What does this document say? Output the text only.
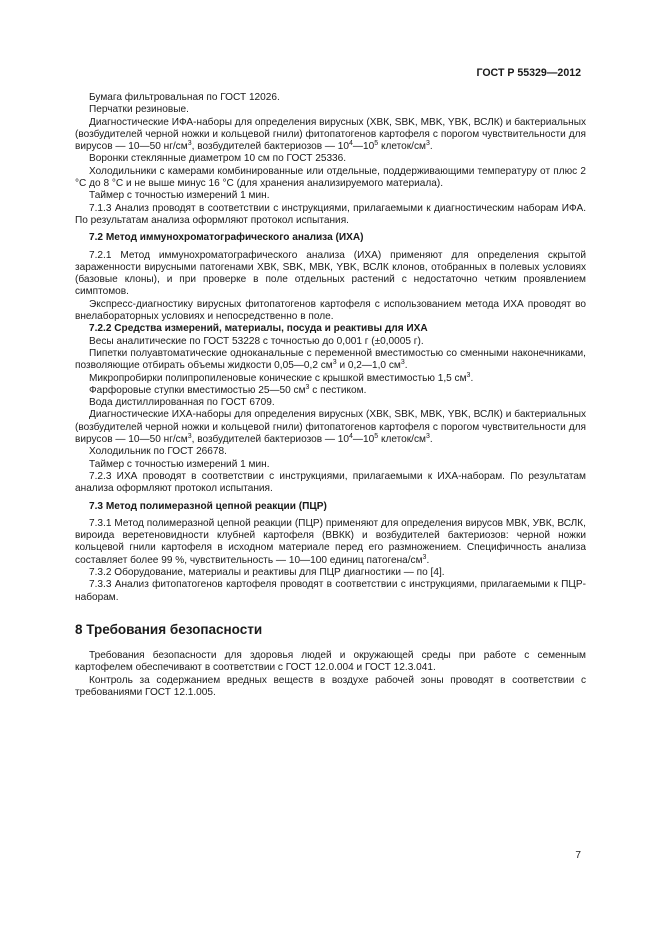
ГОСТ Р 55329—2012

Бумага фильтровальная по ГОСТ 12026.

Перчатки резиновые.

Диагностические ИФА-наборы для определения вирусных (ХВК, SBK, MBK, YBK, ВСЛК) и бактериальных (возбудителей черной ножки и кольцевой гнили) фитопатогенов картофеля с порогом чувствительности для вирусов — 10—50 $нг/см^3$, возбудителей бактериозов — $10^4—10^5$ клеток/$см^3$.

Воронки стеклянные диаметром 10 см по ГОСТ 25336.

Холодильники с камерами комбинированные или отдельные, поддерживающими температуру от плюс 2 °С до 8 °С и не выше минус 16 °С (для хранения анализируемого материала).

Таймер с точностью измерений 1 мин.

7.1.3 Анализ проводят в соответствии с инструкциями, прилагаемыми к диагностическим наборам ИФА. По результатам анализа оформляют протокол испытания.

7.2 Метод иммунохроматографического анализа (ИХА)

7.2.1 Метод иммунохроматографического анализа (ИХА) применяют для определения скрытой зараженности вирусными патогенами ХВК, SBK, МВК, YBK, ВСЛК клонов, отобранных в полевых условиях (базовые клоны), и при проверке в поле отдельных растений с недостаточно четким проявлением симптомов.

Экспресс-диагностику вирусных фитопатогенов картофеля с использованием метода ИХА проводят во внелабораторных условиях и непосредственно в поле.

7.2.2 Средства измерений, материалы, посуда и реактивы для ИХА

Весы аналитические по ГОСТ 53228 с точностью до 0,001 г (±0,0005 г).

Пипетки полуавтоматические одноканальные с переменной вместимостью со сменными наконечниками, позволяющие отбирать объемы жидкости 0,05—0,2 $см^3$ и 0,2—1,0 $см^3$.

Микропробирки полипропиленовые конические с крышкой вместимостью 1,5 $см^3$.

Фарфоровые ступки вместимостью 25—50 $см^3$ с пестиком.

Вода дистиллированная по ГОСТ 6709.

Диагностические ИХА-наборы для определения вирусных (ХВК, SBK, MBK, YBK, ВСЛК) и бактериальных (возбудителей черной ножки и кольцевой гнили) фитопатогенов картофеля с порогом чувствительности для вирусов — 10—50 $нг/см^3$, возбудителей бактериозов — $10^4—10^5$ клеток/$см^3$.

Холодильник по ГОСТ 26678.

Таймер с точностью измерений 1 мин.

7.2.3 ИХА проводят в соответствии с инструкциями, прилагаемыми к ИХА-наборам. По результатам анализа оформляют протокол испытания.

7.3 Метод полимеразной цепной реакции (ПЦР)

7.3.1 Метод полимеразной цепной реакции (ПЦР) применяют для определения вирусов МВК, УВК, ВСЛК, вироида веретеновидности клубней картофеля (ВВКК) и возбудителей бактериозов: черной ножки кольцевой гнили картофеля в исходном материале перед его размножением. Специфичность анализа составляет более 99 %, чувствительность — 10—100 единиц патогена/$см^3$.

7.3.2 Оборудование, материалы и реактивы для ПЦР диагностики — по [4].

7.3.3 Анализ фитопатогенов картофеля проводят в соответствии с инструкциями, прилагаемыми к ПЦР-наборам.

8 Требования безопасности

Требования безопасности для здоровья людей и окружающей среды при работе с семенным картофелем обеспечивают в соответствии с ГОСТ 12.0.004 и ГОСТ 12.3.041.

Контроль за содержанием вредных веществ в воздухе рабочей зоны проводят в соответствии с требованиями ГОСТ 12.1.005.

7
